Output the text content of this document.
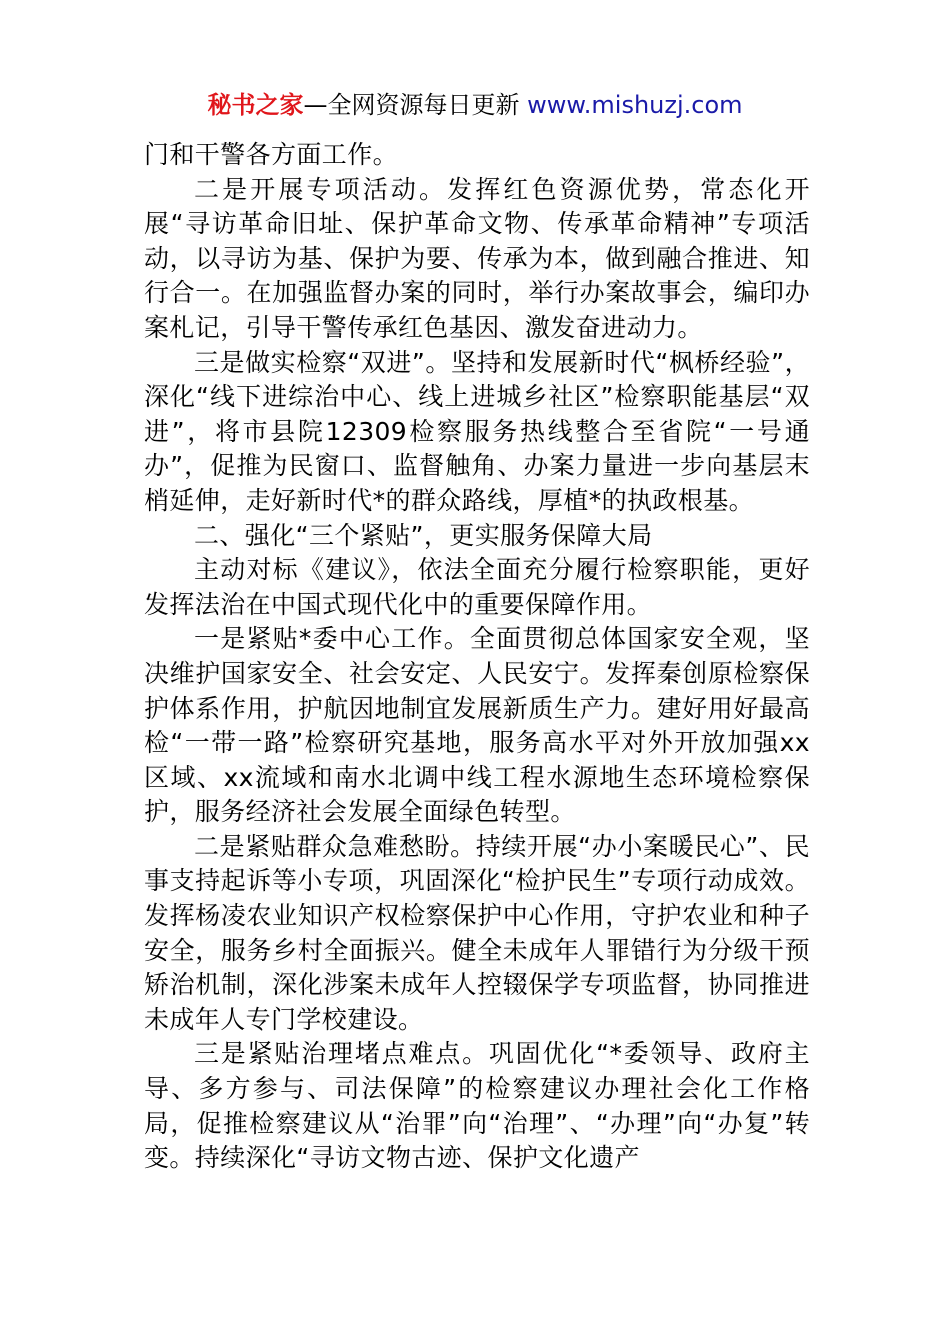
秘书之家—全网资源每日更新 www.mishuzj.com

门和干警各方面工作。

二是开展专项活动。发挥红色资源优势，常态化开展“寻访革命旧址、保护革命文物、传承革命精神”专项活动，以寻访为基、保护为要、传承为本，做到融合推进、知行合一。在加强监督办案的同时，举行办案故事会，编印办案札记，引导干警传承红色基因、激发奋进动力。

三是做实检察“双进”。坚持和发展新时代“枫桥经验”，深化“线下进综治中心、线上进城乡社区”检察职能基层“双进”，将市县院12309检察服务热线整合至省院“一号通办”，促推为民窗口、监督触角、办案力量进一步向基层末梢延伸，走好新时代*的群众路线，厚植*的执政根基。

二、强化“三个紧贴”，更实服务保障大局

主动对标《建议》，依法全面充分履行检察职能，更好发挥法治在中国式现代化中的重要保障作用。

一是紧贴*委中心工作。全面贯彻总体国家安全观，坚决维护国家安全、社会安定、人民安宁。发挥秦创原检察保护体系作用，护航因地制宜发展新质生产力。建好用好最高检“一带一路”检察研究基地，服务高水平对外开放加强xx区域、xx流域和南水北调中线工程水源地生态环境检察保护，服务经济社会发展全面绿色转型。

二是紧贴群众急难愁盼。持续开展“办小案暖民心”、民事支持起诉等小专项，巩固深化“检护民生”专项行动成效。发挥杨凌农业知识产权检察保护中心作用，守护农业和种子安全，服务乡村全面振兴。健全未成年人罪错行为分级干预矫治机制，深化涉案未成年人控辍保学专项监督，协同推进未成年人专门学校建设。

三是紧贴治理堵点难点。巩固优化“*委领导、政府主导、多方参与、司法保障”的检察建议办理社会化工作格局，促推检察建议从“治罪”向“治理”、“办理”向“办复”转变。持续深化“寻访文物古迹、保护文化遗产
